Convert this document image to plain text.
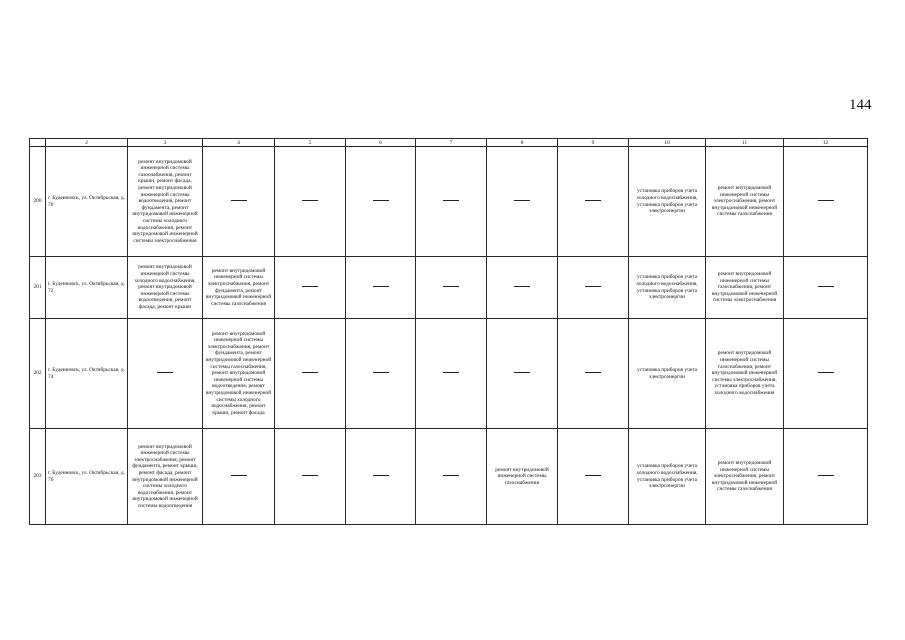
144
	2	3	4	5	6	7	8	9	10	11	12
200	г. Буденновск, ул. Октябрьская, д. 70	ремонт внутридомовой инженерной системы газоснабжения, ремонт крыши, ремонт фасада, ремонт внутридомовой инженерной системы водоотведения, ремонт фундамента, ремонт внутридомовой инженерной системы холодного водоснабжения, ремонт внутридомовой инженерной системы электроснабжения							установка приборов учета холодного водоснабжения, установка приборов учета электроэнергии	ремонт внутридомовой инженерной системы электроснабжения, ремонт внутридомовой инженерной системы газоснабжения	
201	г. Буденновск, ул. Октябрьская, д. 72	ремонт внутридомовой инженерной системы холодного водоснабжения, ремонт внутридомовой инженерной системы водоотведения, ремонт фасада, ремонт крыши	ремонт внутридомовой инженерной системы электроснабжения, ремонт фундамента, ремонт внутридомовой инженерной системы газоснабжения						установка приборов учета холодного водоснабжения, установка приборов учета электроэнергии	ремонт внутридомовой инженерной системы газоснабжения, ремонт внутридомовой инженерной системы электроснабжения	
202	г. Буденновск, ул. Октябрьская, д. 74		ремонт внутридомовой инженерной системы электроснабжения, ремонт фундамента, ремонт внутридомовой инженерной системы газоснабжения, ремонт внутридомовой инженерной системы водоотведения, ремонт внутридомовой инженерной системы холодного водоснабжения, ремонт крыши, ремонт фасада						установка приборов учета электроэнергии	ремонт внутридомовой инженерной системы газоснабжения, ремонт внутридомовой инженерной системы электроснабжения, установка приборов учета холодного водоснабжения	
203	г. Буденновск, ул. Октябрьская, д. 76	ремонт внутридомовой инженерной системы электроснабжения, ремонт фундамента, ремонт крыши, ремонт фасада, ремонт внутридомовой инженерной системы холодного водоснабжения, ремонт внутридомовой инженерной системы водоотведения					ремонт внутридомовой инженерной системы газоснабжения		установка приборов учета холодного водоснабжения, установка приборов учета электроэнергии	ремонт внутридомовой инженерной системы электроснабжения, ремонт внутридомовой инженерной системы газоснабжения	
